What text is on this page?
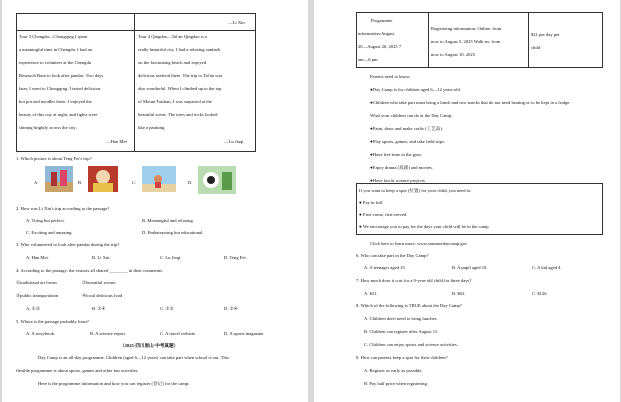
—Li Xin
Tour 3 Chengdu—Chongqing I spent
a meaningful time in Chengdu. I had an
experience to volunteer at the Chengdu
Research Base to look after pandas. Two days
later, I went to Chongqing. I tasted delicious
hot pot and noodles there. I enjoyed the
beauty of this city at night, and lights were
shining brightly across the city.
—Han Mei
Tour 4 Qingdao—Tai'an Qingdao is a
really beautiful city. I had a relaxing sunbath
on the fascinating beach and enjoyed
delicious seafood there. The trip to Tai'an was
also wonderful. When I climbed up to the top
of Mount Taishan, I was surprised at the
beautiful scene. The trees and rocks looked
like a painting.
—Lu Jiaqi
1. Which picture is about Teng Fei's trip?
A.	B.	C.	D.
2. How was Li Xin's trip according to the passage?
A. Tiring but perfect.	B. Meaningful and relaxing.
C. Exciting and amazing.	D. Embarrassing but educational.
3. Who volunteered to look after pandas during the trip?
A. Han Mei.	B. Li Xin.	C. Lu Jiaqi.	D. Teng Fei.
4. According to the passage, the visitors all shared ________ in their comments.
①traditional art forms	②beautiful scenes
③public transportation	④local delicious food
A. ①③	B. ①④	C. ②③	D. ②④
5. Where is the passage probably from?
A. A storybook.	B. A science report.	C. A travel website.	D. A sports magazine.
（2025·四川眉山·中考真题）
Day Camp is an all-day programme. Children (aged 6—12 years) can take part when school is out. This
flexible programme is about sports, games and other fun activities.
Here is the programme information and how you can register (登记) for the camp:
Programme
information:August
20—August 26, 2025 7
am—6 pm
Registering information: Online: from
now to August 5, 2025 Walk-ns: from
now to August 10, 2025
$21 per day per
child
Parents need to know:
●Day Camp is for children aged 6—12 years old.
●Children who take part must bring a lunch and two snacks that do not need heating or to be kept in a fridge.
What your children can do at the Day Camp:
●Paint, draw and make crafts (工艺品).
●Play sports, games, and take field trips.
●Have free time in the gym.
●Enjoy drama (戏剧) and movies.
●Have fun in science projects.
If you want to keep a spot (位置) for your child, you need to:
● Pay in full.
● First-come, first-served.
● We encourage you to pay for the days your child will be in the camp.
Click here to learn more: www.summerdaycamp.gov
6. Who can take part in the Day Camp?
A. A teenager aged 15.	B. A pupil aged 10.	C. A kid aged 4.
7. How much does it cost for a 9-year-old child for three days?
A. $21.	B. $63.	C. $126.
8. Which of the following is TRUE about the Day Camp?
A. Children don't need to bring lunches.
B. Children can register after August 11.
C. Children can enjoy sports and science activities.
9. How can parents keep a spot for their children?
A. Register as early as possible.
B. Pay half price when registering.
